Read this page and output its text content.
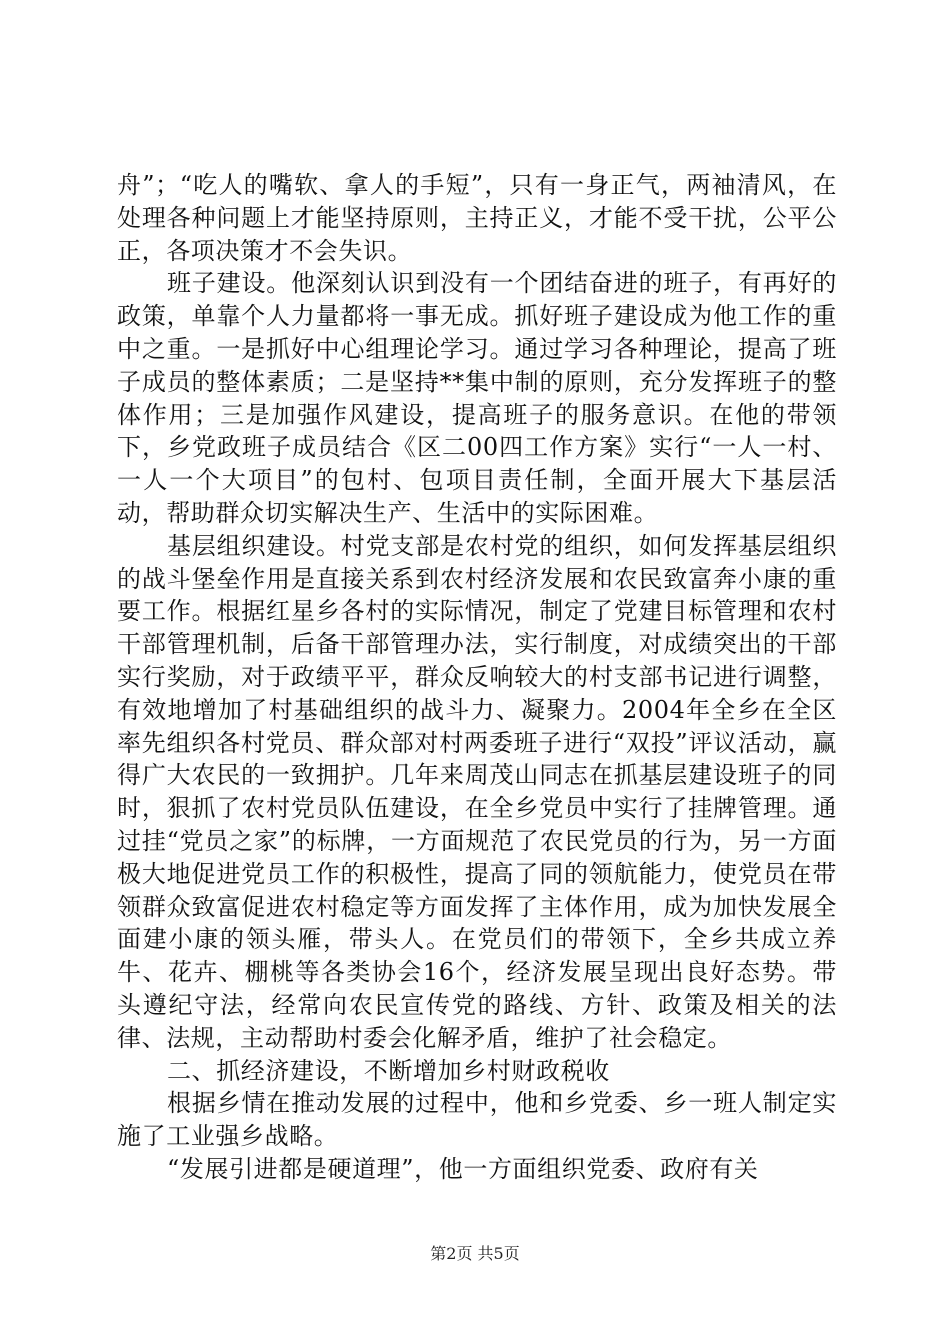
舟”；“吃人的嘴软、拿人的手短”，只有一身正气，两袖清风，在处理各种问题上才能坚持原则，主持正义，才能不受干扰，公平公正，各项决策才不会失识。

班子建设。他深刻认识到没有一个团结奋进的班子，有再好的政策，单靠个人力量都将一事无成。抓好班子建设成为他工作的重中之重。一是抓好中心组理论学习。通过学习各种理论，提高了班子成员的整体素质；二是坚持**集中制的原则，充分发挥班子的整体作用；三是加强作风建设，提高班子的服务意识。在他的带领下，乡党政班子成员结合《区二00四工作方案》实行“一人一村、一人一个大项目”的包村、包项目责任制，全面开展大下基层活动，帮助群众切实解决生产、生活中的实际困难。

基层组织建设。村党支部是农村党的组织，如何发挥基层组织的战斗堡垒作用是直接关系到农村经济发展和农民致富奔小康的重要工作。根据红星乡各村的实际情况，制定了党建目标管理和农村干部管理机制，后备干部管理办法，实行制度，对成绩突出的干部实行奖励，对于政绩平平，群众反响较大的村支部书记进行调整，有效地增加了村基础组织的战斗力、凝聚力。2004年全乡在全区率先组织各村党员、群众部对村两委班子进行“双投”评议活动，赢得广大农民的一致拥护。几年来周茂山同志在抓基层建设班子的同时，狠抓了农村党员队伍建设，在全乡党员中实行了挂牌管理。通过挂“党员之家”的标牌，一方面规范了农民党员的行为，另一方面极大地促进党员工作的积极性，提高了同的领航能力，使党员在带领群众致富促进农村稳定等方面发挥了主体作用，成为加快发展全面建小康的领头雁，带头人。在党员们的带领下，全乡共成立养牛、花卉、棚桃等各类协会16个，经济发展呈现出良好态势。带头遵纪守法，经常向农民宣传党的路线、方针、政策及相关的法律、法规，主动帮助村委会化解矛盾，维护了社会稳定。

二、抓经济建设，不断增加乡村财政税收

根据乡情在推动发展的过程中，他和乡党委、乡一班人制定实施了工业强乡战略。

“发展引进都是硬道理”，他一方面组织党委、政府有关

第2页 共5页
